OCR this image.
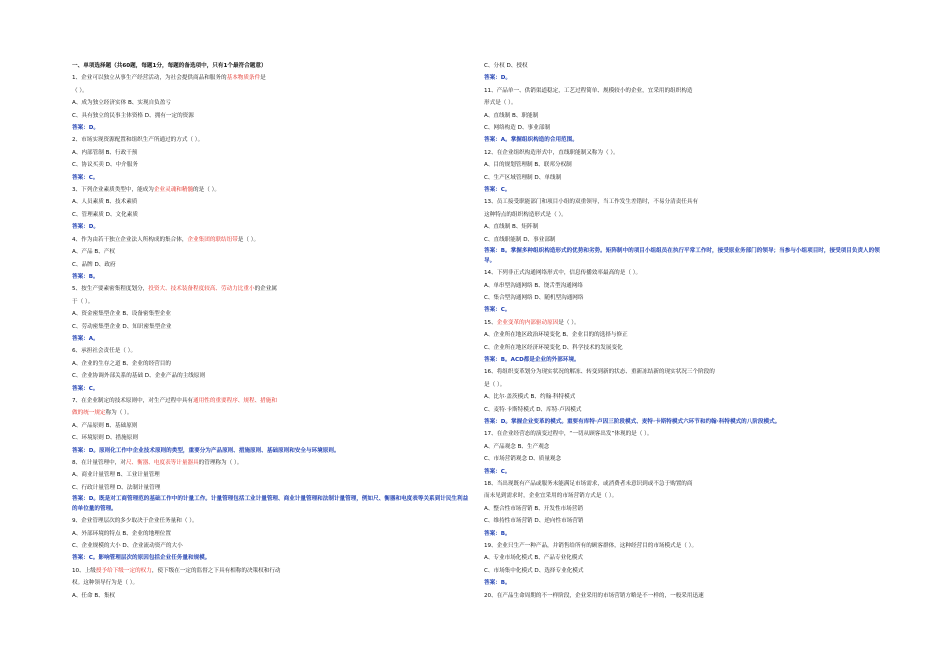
一、单项选择题（共60题，每题1分，每题的备选项中，只有1个最符合题意）
1、企业可以独立从事生产经营活动，为社会提供商品和服务的基本物质条件是
（ ）。
A、成为独立经济实体 B、实现自负盈亏
C、具有独立的民事主体资格 D、拥有一定的资源
答案：D。
2、市场实现资源配置和组织生产所通过的方式（ ）。
A、内部管制 B、行政干预
C、协议买卖 D、中介服务
答案：C。
3、下列企业素质类型中，能成为企业灵魂和精髓的是（ ）。
A、人员素质 B、技术素质
C、管理素质 D、文化素质
答案：D。
4、作为由若干独立企业法人所构成的集合体，企业集团的联结纽带是（ ）。
A、产品 B、产权
C、品牌 D、政府
答案：B。
5、按生产要素密集程度划分，投资大、技术装备程度较高、劳动力比重小的企业属
于（ ）。
A、资金密集型企业 B、设备密集型企业
C、劳动密集型企业 D、知识密集型企业
答案：A。
6、承担社会责任是（ ）。
A、企业的生存之道 B、企业的经营目的
C、企业协调外部关系的基础 D、企业产品的主线原则
答案：C。
7、在企业制定的技术原则中，对生产过程中具有通用性的重要程序、规程、措施和
做的统一规定称为（ ）。
A、产品原则 B、基础原则
C、环境原则 D、措施原则
答案：D。原则化工作中企业技术原则的类型，重要分为产品原则、措施原则、基础原则和安全与环境原则。
8、在计量管理中，对尺、衡器、电度表等计量器具的管理称为（ ）。
A、商业计量管理 B、工业计量管理
C、行政计量管理 D、法制计量管理
答案：D。既是对工商管理范的基础工作中的计量工作。计量管理包括工业计量管理、商业计量管理和法制计量管理，例如尺、衡器和电度表等关系到计民生利益的单位量的管理。
9、企业管理层次的多少取决于企业任务量和（ ）。
A、外部环境的特点 B、企业的地理位置
C、企业规模的大小 D、企业流动资产的大小
答案：C。影响管理层次的原因包括企业任务量和规模。
10、上级授予给下级一定的权力，使下级在一定的监督之下具有相称的决策权和行动
权。这种领导行为是（ ）。
A、任命 B、集权
C、分权 D、授权
答案：D。
11、产品单一、供销渠道稳定，工艺过程简单、规模较小的企业，宜采用的组织构造
形式是（ ）。
A、直线制 B、职能制
C、网络构造 D、事业部制
答案：A。掌握组织构造的合用范围。
12、在企业组织构造形式中，直线职能制又称为（ ）。
A、目的规划管理制 B、联邦分权制
C、生产区域管理制 D、单线制
答案：C。
13、员工接受职能部门和项目小组的双重领导，当工作发生差错时，不易分清责任具有
这种特点的组织构造形式是（ ）。
A、直线制 B、矩阵制
C、直线职能制 D、事业部制
答案：B。掌握多种组织构造形式的优势和劣势。矩阵制中的项目小组组员在执行平常工作时，接受原业务部门的领导；当参与小组项目时，接受项目负责人的领导。
14、下列非正式沟通网络形式中，信息传播效率最高的是（ ）。
A、单串型沟通网络 B、饶舌型沟通网络
C、集合型沟通网络 D、随机型沟通网络
答案：C。
15、企业变革的内部驱动原因是（ ）。
A、企业所在地区政治环境变化 B、企业目的的选择与修正
C、企业所在地区经济环境变化 D、科学技术的发展变化
答案：B。ACD都是企业的外部环境。
16、将组织变革划分为现实状况的解冻、转变到新的状态、重新冻结新的现实状况三个阶段的
是（ ）。
A、比尔·盖茨模式 B、约翰·科特模式
C、麦特·卡斯特模式 D、库特·卢因模式
答案：D。掌握企业变革的模式。重要有库特·卢因三阶段模式、麦特·卡斯特模式六环节和约翰·科特模式的八阶段模式。
17、在企业经营态的演变过程中，“一切从顾客出发”体现的是（ ）。
A、产品观念 B、生产观念
C、市场营销观念 D、质量观念
答案：C。
18、当出现既有产品或服务未能满足市场需求，或消费者未意识到或不急于购置的商
而未见到需求时，企业宜采用的市场营销方式是（ ）。
A、整合性市场营销 B、开发性市场营销
C、维持性市场营销 D、逆向性市场营销
答案：B。
19、企业只生产一种产品，并销售给所有的顾客群体，这种经营目的市场模式是（ ）。
A、专业市场化模式 B、产品专业化模式
C、市场集中化模式 D、选择专业化模式
答案：B。
20、在产品生命周期的不一样阶段，企业采用的市场营销方略是不一样的，一般采用迅速
